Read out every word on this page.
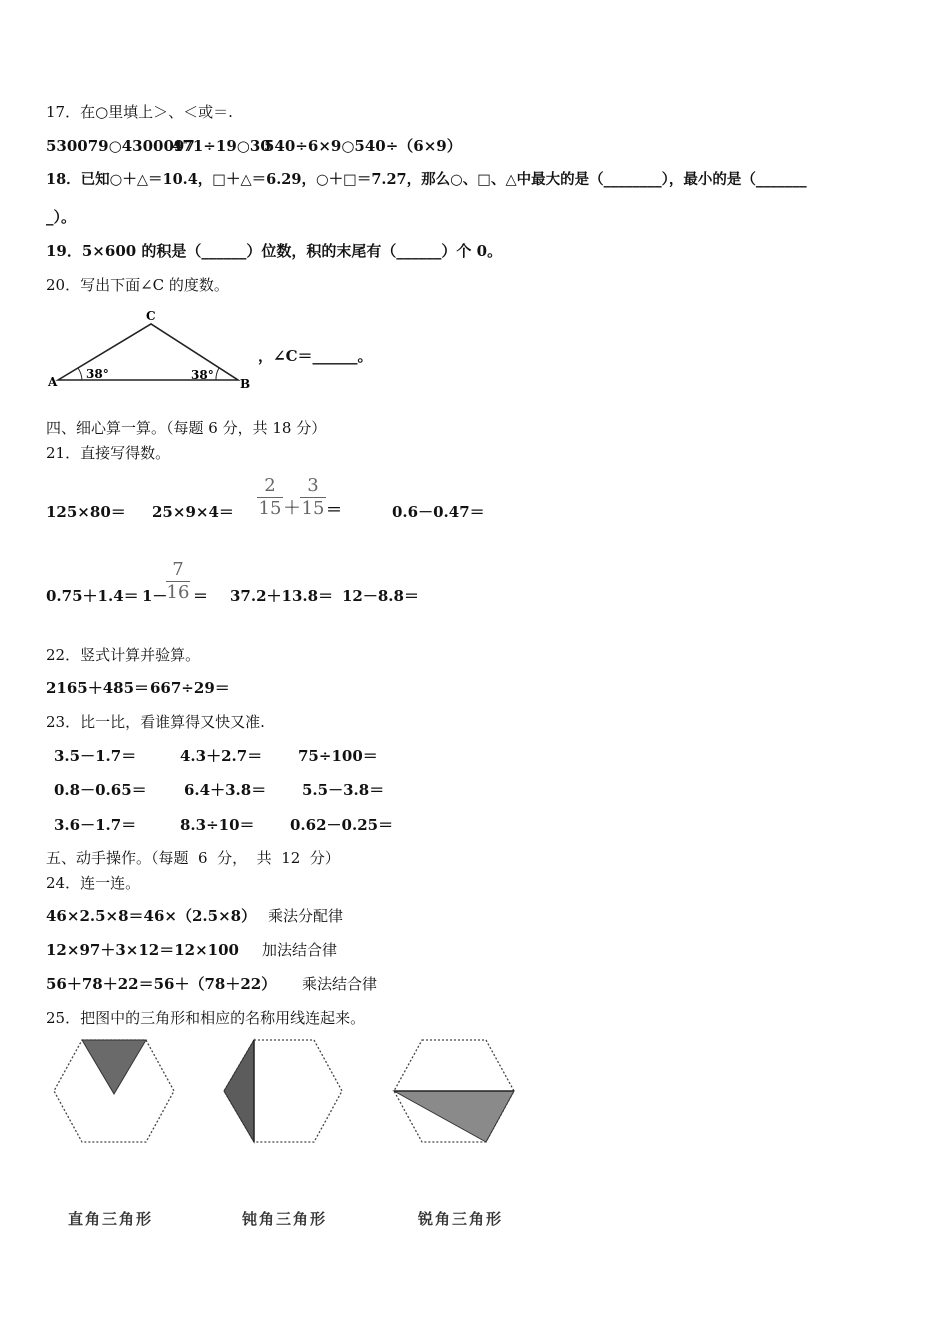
17．在○里填上＞、＜或＝.
530079○4300097
471÷19○30
540÷6×9○540÷（6×9）
18．已知○＋△＝10.4，□＋△＝6.29，○＋□＝7.27，那么○、□、△中最大的是（________），最小的是（_______
_）。
19．5×600 的积是（______）位数，积的末尾有（______）个 0。
20．写出下面∠C 的度数。
A	B
C
38°	38°
，∠C＝______。
四、细心算一算。（每题 6 分，共 18 分）
21．直接写得数。
125×80＝ 25×9×4＝
2
15 ＋
3
15 ＝	0.6－0.47＝
0.75＋1.4＝ 1－
7
16 ＝ 37.2＋13.8＝ 12－8.8＝
22．竖式计算并验算。
2165＋485＝ 667÷29＝
23．比一比，看谁算得又快又准.
3.5－1.7＝	4.3＋2.7＝ 75÷100＝
0.8－0.65＝ 6.4＋3.8＝ 5.5－3.8＝
3.6－1.7＝	8.3÷10＝ 0.62－0.25＝
五、动手操作。（每题  6  分，  共  12  分）
24．连一连。
46×2.5×8＝46×（2.5×8） 乘法分配律
12×97＋3×12＝12×100 加法结合律
56＋78＋22＝56＋（78＋22） 乘法结合律
25．把图中的三角形和相应的名称用线连起来。
直角三角形	钝角三角形	锐角三角形
